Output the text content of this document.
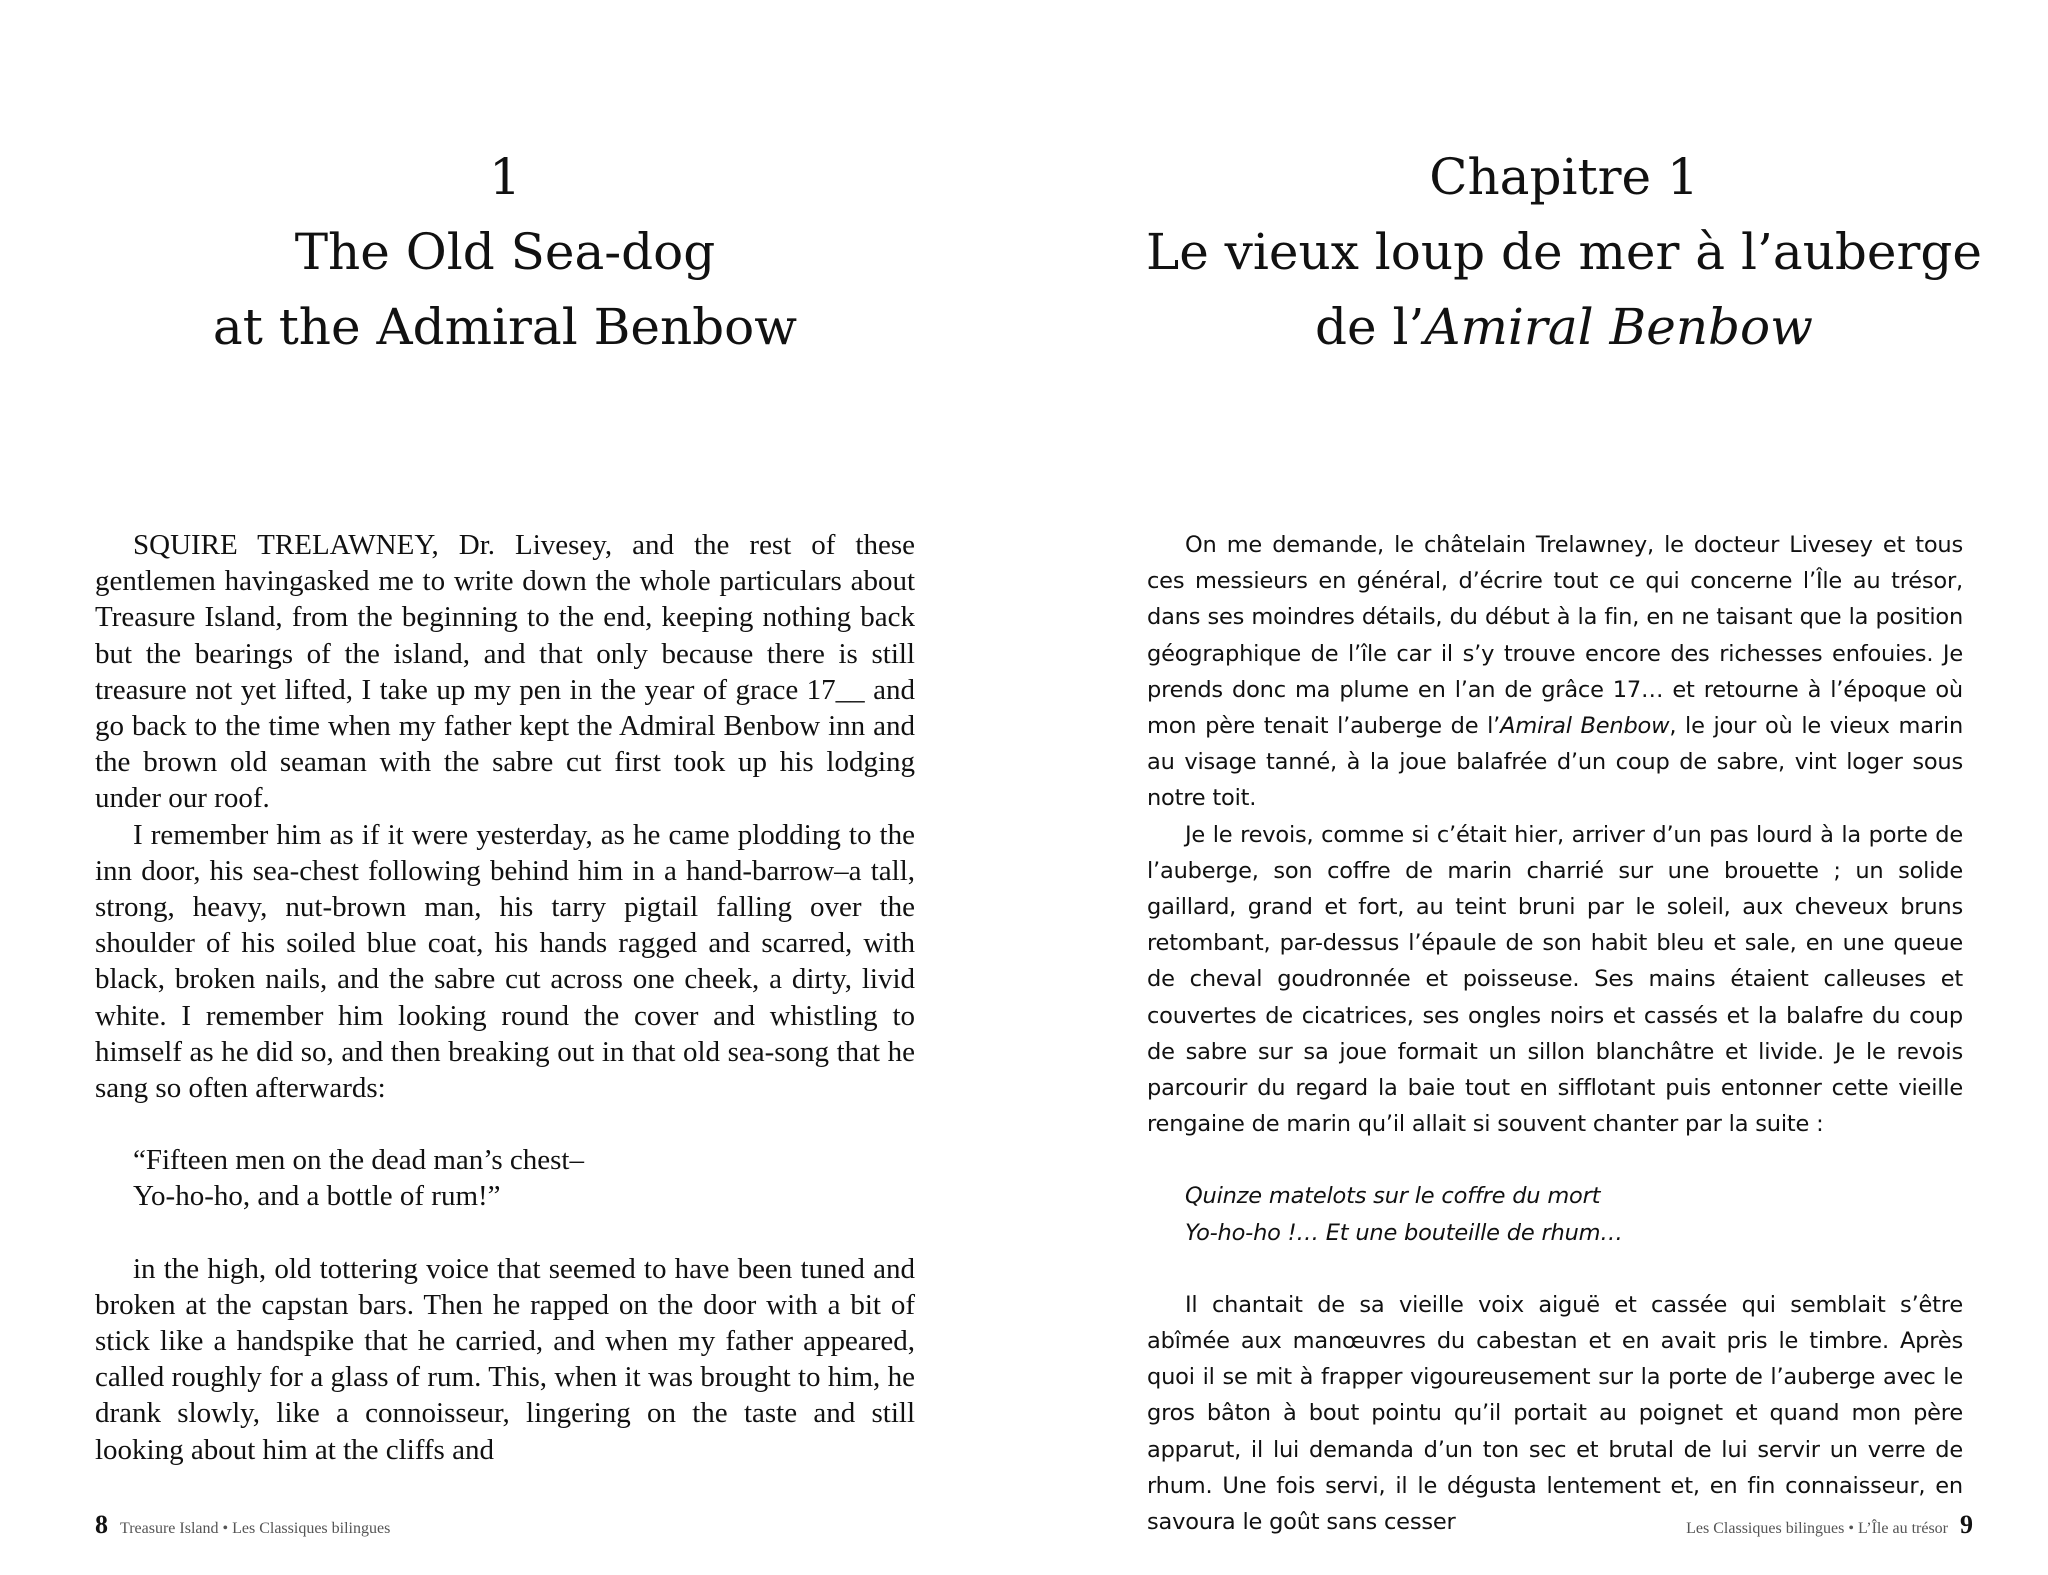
1
The Old Sea-dog
at the Admiral Benbow

SQUIRE TRELAWNEY, Dr. Livesey, and the rest of these gentlemen havingasked me to write down the whole particulars about Treasure Island, from the beginning to the end, keeping nothing back but the bearings of the island, and that only because there is still treasure not yet lifted, I take up my pen in the year of grace 17__ and go back to the time when my father kept the Admiral Benbow inn and the brown old seaman with the sabre cut first took up his lodging under our roof.

I remember him as if it were yesterday, as he came plodding to the inn door, his sea-chest following behind him in a hand-barrow–a tall, strong, heavy, nut-brown man, his tarry pigtail falling over the shoulder of his soiled blue coat, his hands ragged and scarred, with black, broken nails, and the sabre cut across one cheek, a dirty, livid white. I remember him looking round the cover and whistling to himself as he did so, and then breaking out in that old sea-song that he sang so often afterwards:

“Fifteen men on the dead man’s chest–
Yo-ho-ho, and a bottle of rum!”

in the high, old tottering voice that seemed to have been tuned and broken at the capstan bars. Then he rapped on the door with a bit of stick like a handspike that he carried, and when my father appeared, called roughly for a glass of rum. This, when it was brought to him, he drank slowly, like a connoisseur, lingering on the taste and still looking about him at the cliffs and

8 Treasure Island • Les Classiques bilingues
Chapitre 1
Le vieux loup de mer à l’auberge
de l’Amiral Benbow

On me demande, le châtelain Trelawney, le docteur Livesey et tous ces messieurs en général, d’écrire tout ce qui concerne l’Île au trésor, dans ses moindres détails, du début à la fin, en ne taisant que la position géographique de l’île car il s’y trouve encore des richesses enfouies. Je prends donc ma plume en l’an de grâce 17… et retourne à l’époque où mon père tenait l’auberge de l’Amiral Benbow, le jour où le vieux marin au visage tanné, à la joue balafrée d’un coup de sabre, vint loger sous notre toit.

Je le revois, comme si c’était hier, arriver d’un pas lourd à la porte de l’auberge, son coffre de marin charrié sur une brouette ; un solide gaillard, grand et fort, au teint bruni par le soleil, aux cheveux bruns retombant, par-dessus l’épaule de son habit bleu et sale, en une queue de cheval goudronnée et poisseuse. Ses mains étaient calleuses et couvertes de cicatrices, ses ongles noirs et cassés et la balafre du coup de sabre sur sa joue formait un sillon blanchâtre et livide. Je le revois parcourir du regard la baie tout en sifflotant puis entonner cette vieille rengaine de marin qu’il allait si souvent chanter par la suite :

Quinze matelots sur le coffre du mort
Yo-ho-ho !… Et une bouteille de rhum…

Il chantait de sa vieille voix aiguë et cassée qui semblait s’être abîmée aux manœuvres du cabestan et en avait pris le timbre. Après quoi il se mit à frapper vigoureusement sur la porte de l’auberge avec le gros bâton à bout pointu qu’il portait au poignet et quand mon père apparut, il lui demanda d’un ton sec et brutal de lui servir un verre de rhum. Une fois servi, il le dégusta lentement et, en fin connaisseur, en savoura le goût sans cesser	Les Classiques bilingues • L’Île au trésor 9
